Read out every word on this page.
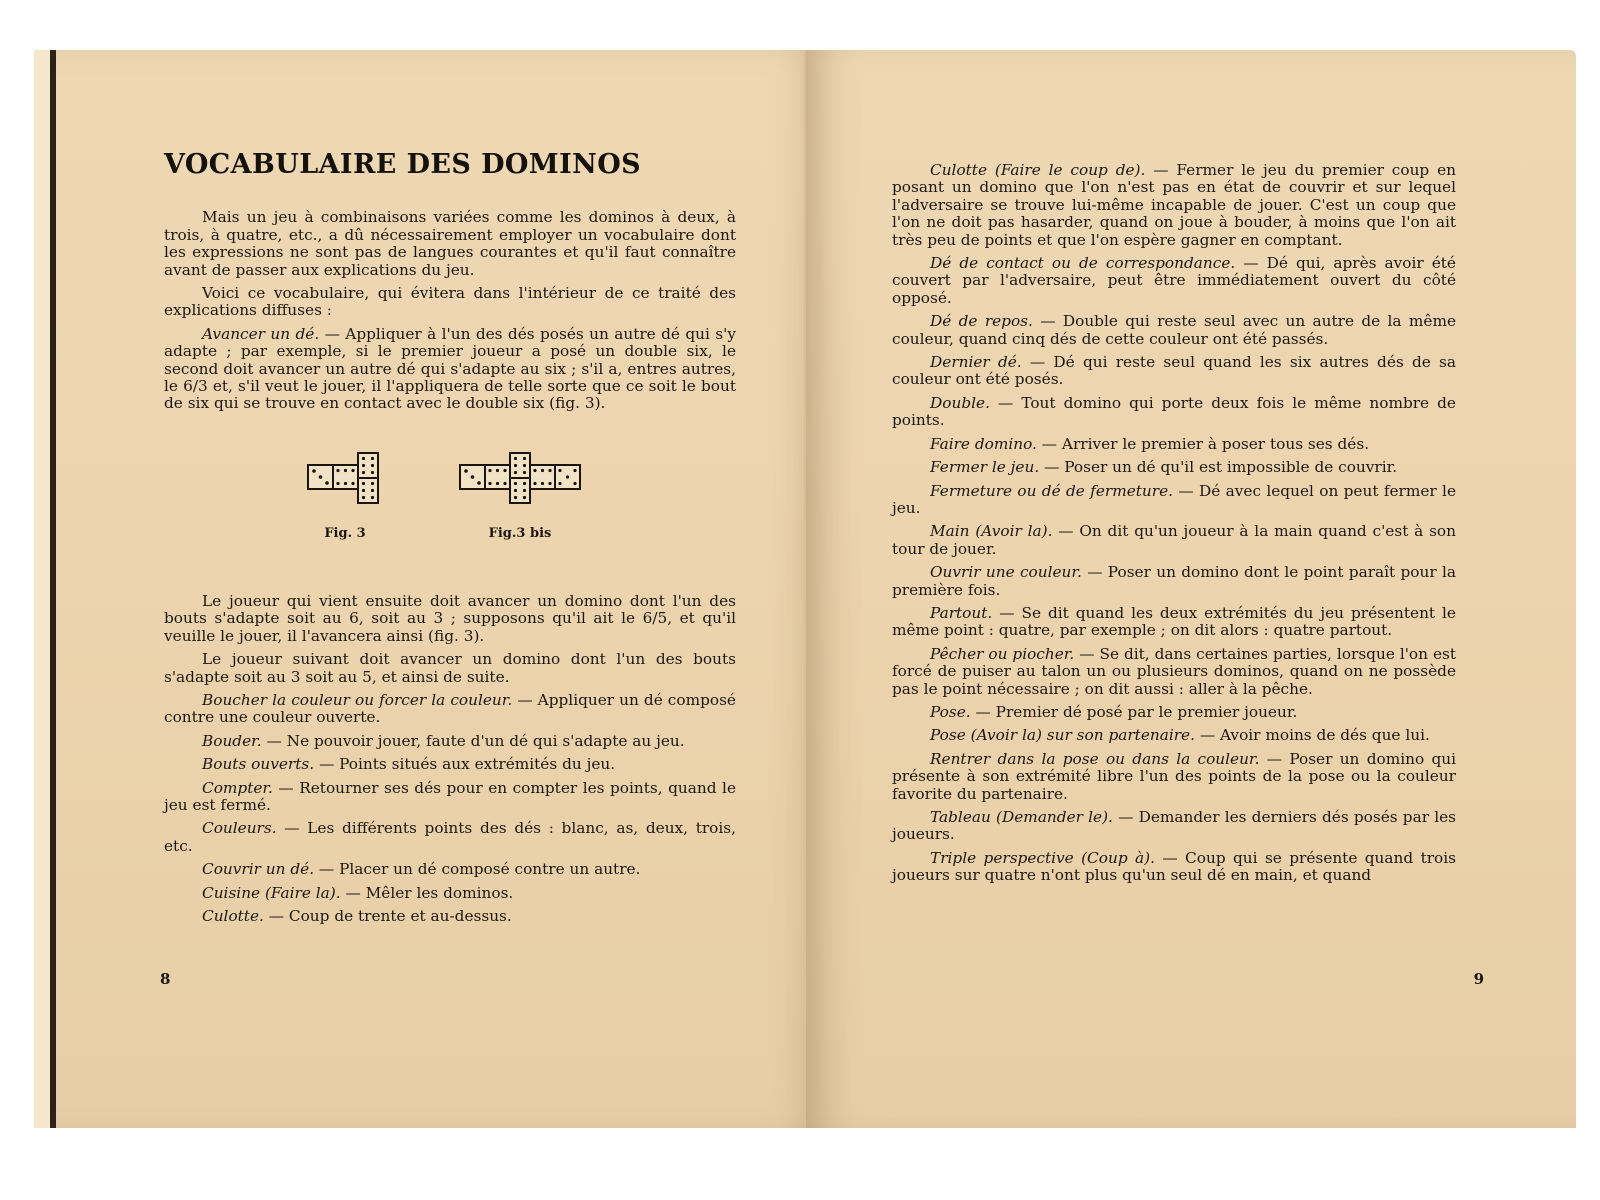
VOCABULAIRE DES DOMINOS

Mais un jeu à combinaisons variées comme les dominos à deux, à trois, à quatre, etc., a dû nécessairement employer un vocabulaire dont les expressions ne sont pas de langues courantes et qu'il faut connaître avant de passer aux explications du jeu.

Voici ce vocabulaire, qui évitera dans l'intérieur de ce traité des explications diffuses :

Avancer un dé. — Appliquer à l'un des dés posés un autre dé qui s'y adapte ; par exemple, si le premier joueur a posé un double six, le second doit avancer un autre dé qui s'adapte au six ; s'il a, entres autres, le 6/3 et, s'il veut le jouer, il l'appliquera de telle sorte que ce soit le bout de six qui se trouve en contact avec le double six (fig. 3).

Fig. 3	Fig.3 bis

Le joueur qui vient ensuite doit avancer un domino dont l'un des bouts s'adapte soit au 6, soit au 3 ; supposons qu'il ait le 6/5, et qu'il veuille le jouer, il l'avancera ainsi (fig. 3).

Le joueur suivant doit avancer un domino dont l'un des bouts s'adapte soit au 3 soit au 5, et ainsi de suite.

Boucher la couleur ou forcer la couleur. — Appliquer un dé composé contre une couleur ouverte.

Bouder. — Ne pouvoir jouer, faute d'un dé qui s'adapte au jeu.

Bouts ouverts. — Points situés aux extrémités du jeu.

Compter. — Retourner ses dés pour en compter les points, quand le jeu est fermé.

Couleurs. — Les différents points des dés : blanc, as, deux, trois, etc.

Couvrir un dé. — Placer un dé composé contre un autre.

Cuisine (Faire la). — Mêler les dominos.

Culotte. — Coup de trente et au-dessus.

8

Culotte (Faire le coup de). — Fermer le jeu du premier coup en posant un domino que l'on n'est pas en état de couvrir et sur lequel l'adversaire se trouve lui-même incapable de jouer. C'est un coup que l'on ne doit pas hasarder, quand on joue à bouder, à moins que l'on ait très peu de points et que l'on espère gagner en comptant.

Dé de contact ou de correspondance. — Dé qui, après avoir été couvert par l'adversaire, peut être immédiatement ouvert du côté opposé.

Dé de repos. — Double qui reste seul avec un autre de la même couleur, quand cinq dés de cette couleur ont été passés.

Dernier dé. — Dé qui reste seul quand les six autres dés de sa couleur ont été posés.

Double. — Tout domino qui porte deux fois le même nombre de points.

Faire domino. — Arriver le premier à poser tous ses dés.

Fermer le jeu. — Poser un dé qu'il est impossible de couvrir.

Fermeture ou dé de fermeture. — Dé avec lequel on peut fermer le jeu.

Main (Avoir la). — On dit qu'un joueur à la main quand c'est à son tour de jouer.

Ouvrir une couleur. — Poser un domino dont le point paraît pour la première fois.

Partout. — Se dit quand les deux extrémités du jeu présentent le même point : quatre, par exemple ; on dit alors : quatre partout.

Pêcher ou piocher. — Se dit, dans certaines parties, lorsque l'on est forcé de puiser au talon un ou plusieurs dominos, quand on ne possède pas le point nécessaire ; on dit aussi : aller à la pêche.

Pose. — Premier dé posé par le premier joueur.

Pose (Avoir la) sur son partenaire. — Avoir moins de dés que lui.

Rentrer dans la pose ou dans la couleur. — Poser un domino qui présente à son extrémité libre l'un des points de la pose ou la couleur favorite du partenaire.

Tableau (Demander le). — Demander les derniers dés posés par les joueurs.

Triple perspective (Coup à). — Coup qui se présente quand trois joueurs sur quatre n'ont plus qu'un seul dé en main, et quand

9
